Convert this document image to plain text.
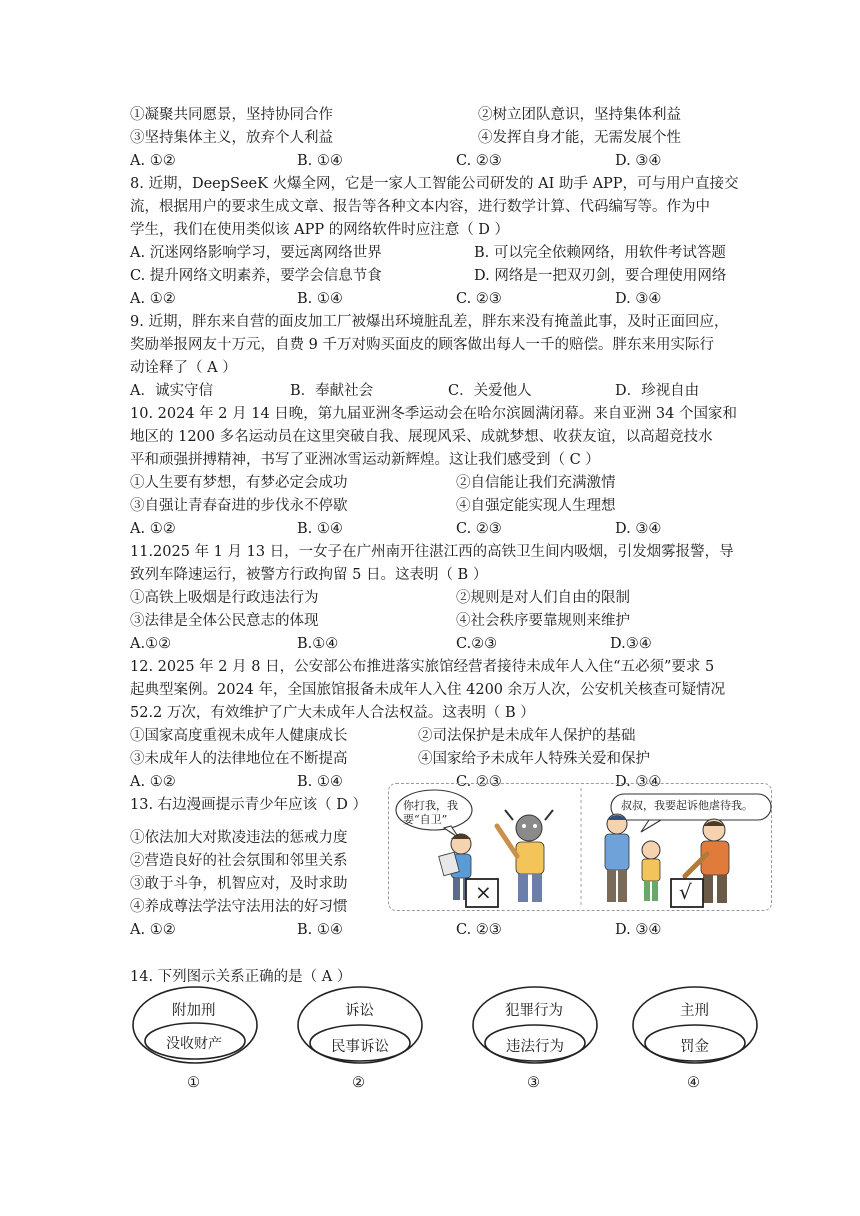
①凝聚共同愿景，坚持协同合作	②树立团队意识，坚持集体利益
③坚持集体主义，放弃个人利益	④发挥自身才能，无需发展个性
A. ①②	B. ①④	C. ②③	D. ③④
8. 近期，DeepSeeK 火爆全网，它是一家人工智能公司研发的 AI 助手 APP，可与用户直接交
流，根据用户的要求生成文章、报告等各种文本内容，进行数学计算、代码编写等。作为中
学生，我们在使用类似该 APP 的网络软件时应注意（ D ）
A. 沉迷网络影响学习，要远离网络世界	B. 可以完全依赖网络，用软件考试答题
C. 提升网络文明素养，要学会信息节食	D. 网络是一把双刃剑，要合理使用网络
A. ①②	B. ①④	C. ②③	D. ③④
9. 近期，胖东来自营的面皮加工厂被爆出环境脏乱差，胖东来没有掩盖此事，及时正面回应，
奖励举报网友十万元，自费 9 千万对购买面皮的顾客做出每人一千的赔偿。胖东来用实际行
动诠释了（ A ）
A．诚实守信	B．奉献社会	C．关爱他人	D．珍视自由
10. 2024 年 2 月 14 日晚，第九届亚洲冬季运动会在哈尔滨圆满闭幕。来自亚洲 34 个国家和
地区的 1200 多名运动员在这里突破自我、展现风采、成就梦想、收获友谊，以高超竞技水
平和顽强拼搏精神，书写了亚洲冰雪运动新辉煌。这让我们感受到（ C ）
①人生要有梦想，有梦必定会成功	②自信能让我们充满激情
③自强让青春奋进的步伐永不停歇	④自强定能实现人生理想
A. ①②	B. ①④	C. ②③	D. ③④
11.2025 年 1 月 13 日，一女子在广州南开往湛江西的高铁卫生间内吸烟，引发烟雾报警，导
致列车降速运行，被警方行政拘留 5 日。这表明（ B ）
①高铁上吸烟是行政违法行为	②规则是对人们自由的限制
③法律是全体公民意志的体现	④社会秩序要靠规则来维护
A.①②	B.①④	C.②③	D.③④
12. 2025 年 2 月 8 日，公安部公布推进落实旅馆经营者接待未成年人入住“五必须”要求 5
起典型案例。2024 年，全国旅馆报备未成年人入住 4200 余万人次，公安机关核查可疑情况
52.2 万次，有效维护了广大未成年人合法权益。这表明（ B ）
①国家高度重视未成年人健康成长	②司法保护是未成年人保护的基础
③未成年人的法律地位在不断提高	④国家给予未成年人特殊关爱和保护
A. ①②	B. ①④	C. ②③	D. ③④
13. 右边漫画提示青少年应该（ D ）
①依法加大对欺凌违法的惩戒力度
②营造良好的社会氛围和邻里关系
③敢于斗争，机智应对，及时求助
④养成尊法学法守法用法的好习惯
A. ①②	B. ①④	C. ②③	D. ③④
你打我，我
要“自卫”
叔叔，我要起诉他虐待我。
×	√
14. 下列图示关系正确的是（ A ）
附加刑
没收财产
①
诉讼
民事诉讼
②
犯罪行为
违法行为
③
主刑
罚金
④
